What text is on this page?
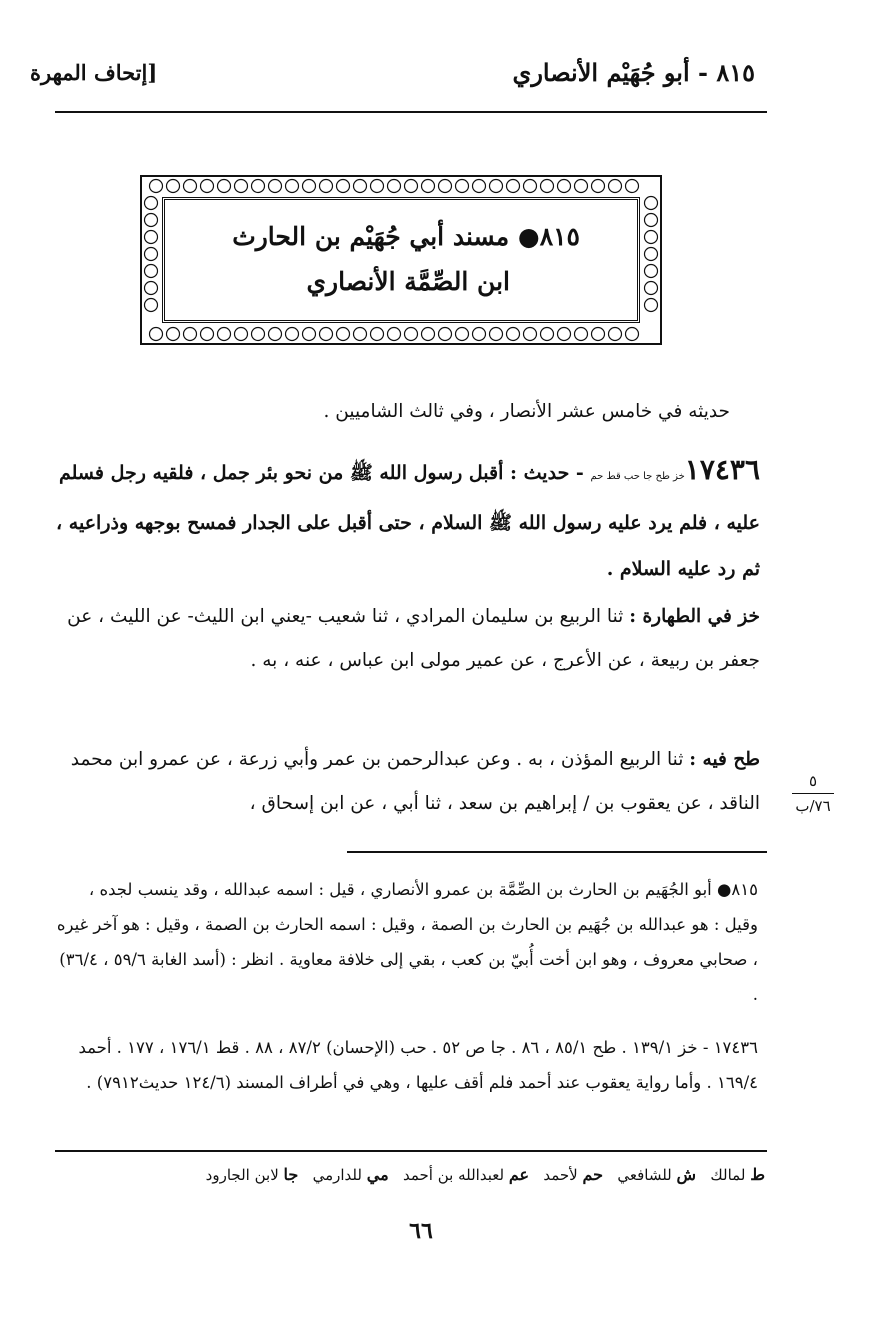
٨١٥ - أبو جُهَيْم الأنصاري
[إتحاف المهرة
٨١٥● مسند أبي جُهَيْم بن الحارث
ابن الصِّمَّة الأنصاري
حديثه في خامس عشر الأنصار ، وفي ثالث الشاميين .
١٧٤٣٦خز طح جا حب قط حم - حديث : أقبل رسول الله ﷺ من نحو بئر جمل ، فلقيه رجل فسلم عليه ، فلم يرد عليه رسول الله ﷺ السلام ، حتى أقبل على الجدار فمسح بوجهه وذراعيه ، ثم رد عليه السلام .
خز في الطهارة : ثنا الربيع بن سليمان المرادي ، ثنا شعيب -يعني ابن الليث- عن الليث ، عن جعفر بن ربيعة ، عن الأعرج ، عن عمير مولى ابن عباس ، عنه ، به .
طح فيه : ثنا الربيع المؤذن ، به . وعن عبدالرحمن بن عمر وأبي زرعة ، عن عمرو ابن محمد الناقد ، عن يعقوب بن / إبراهيم بن سعد ، ثنا أبي ، عن ابن إسحاق ،
٥
٧٦/ب
٨١٥● أبو الجُهَيم بن الحارث بن الصِّمَّة بن عمرو الأنصاري ، قيل : اسمه عبدالله ، وقد ينسب لجده ، وقيل : هو عبدالله بن جُهَيم بن الحارث بن الصمة ، وقيل : اسمه الحارث بن الصمة ، وقيل : هو آخر غيره ، صحابي معروف ، وهو ابن أخت أُبيّ بن كعب ، بقي إلى خلافة معاوية . انظر : (أسد الغابة ٥٩/٦ ، ٣٦/٤) .
١٧٤٣٦ - خز ١٣٩/١ . طح ٨٥/١ ، ٨٦ . جا ص ٥٢ . حب (الإحسان) ٨٧/٢ ، ٨٨ . قط ١٧٦/١ ، ١٧٧ . أحمد ١٦٩/٤ . وأما رواية يعقوب عند أحمد فلم أقف عليها ، وهي في أطراف المسند (١٢٤/٦ حديث٧٩١٢) .
ط لمالك   ش للشافعي   حم لأحمد   عم لعبدالله بن أحمد   مي للدارمي   جا لابن الجارود
٦٦
